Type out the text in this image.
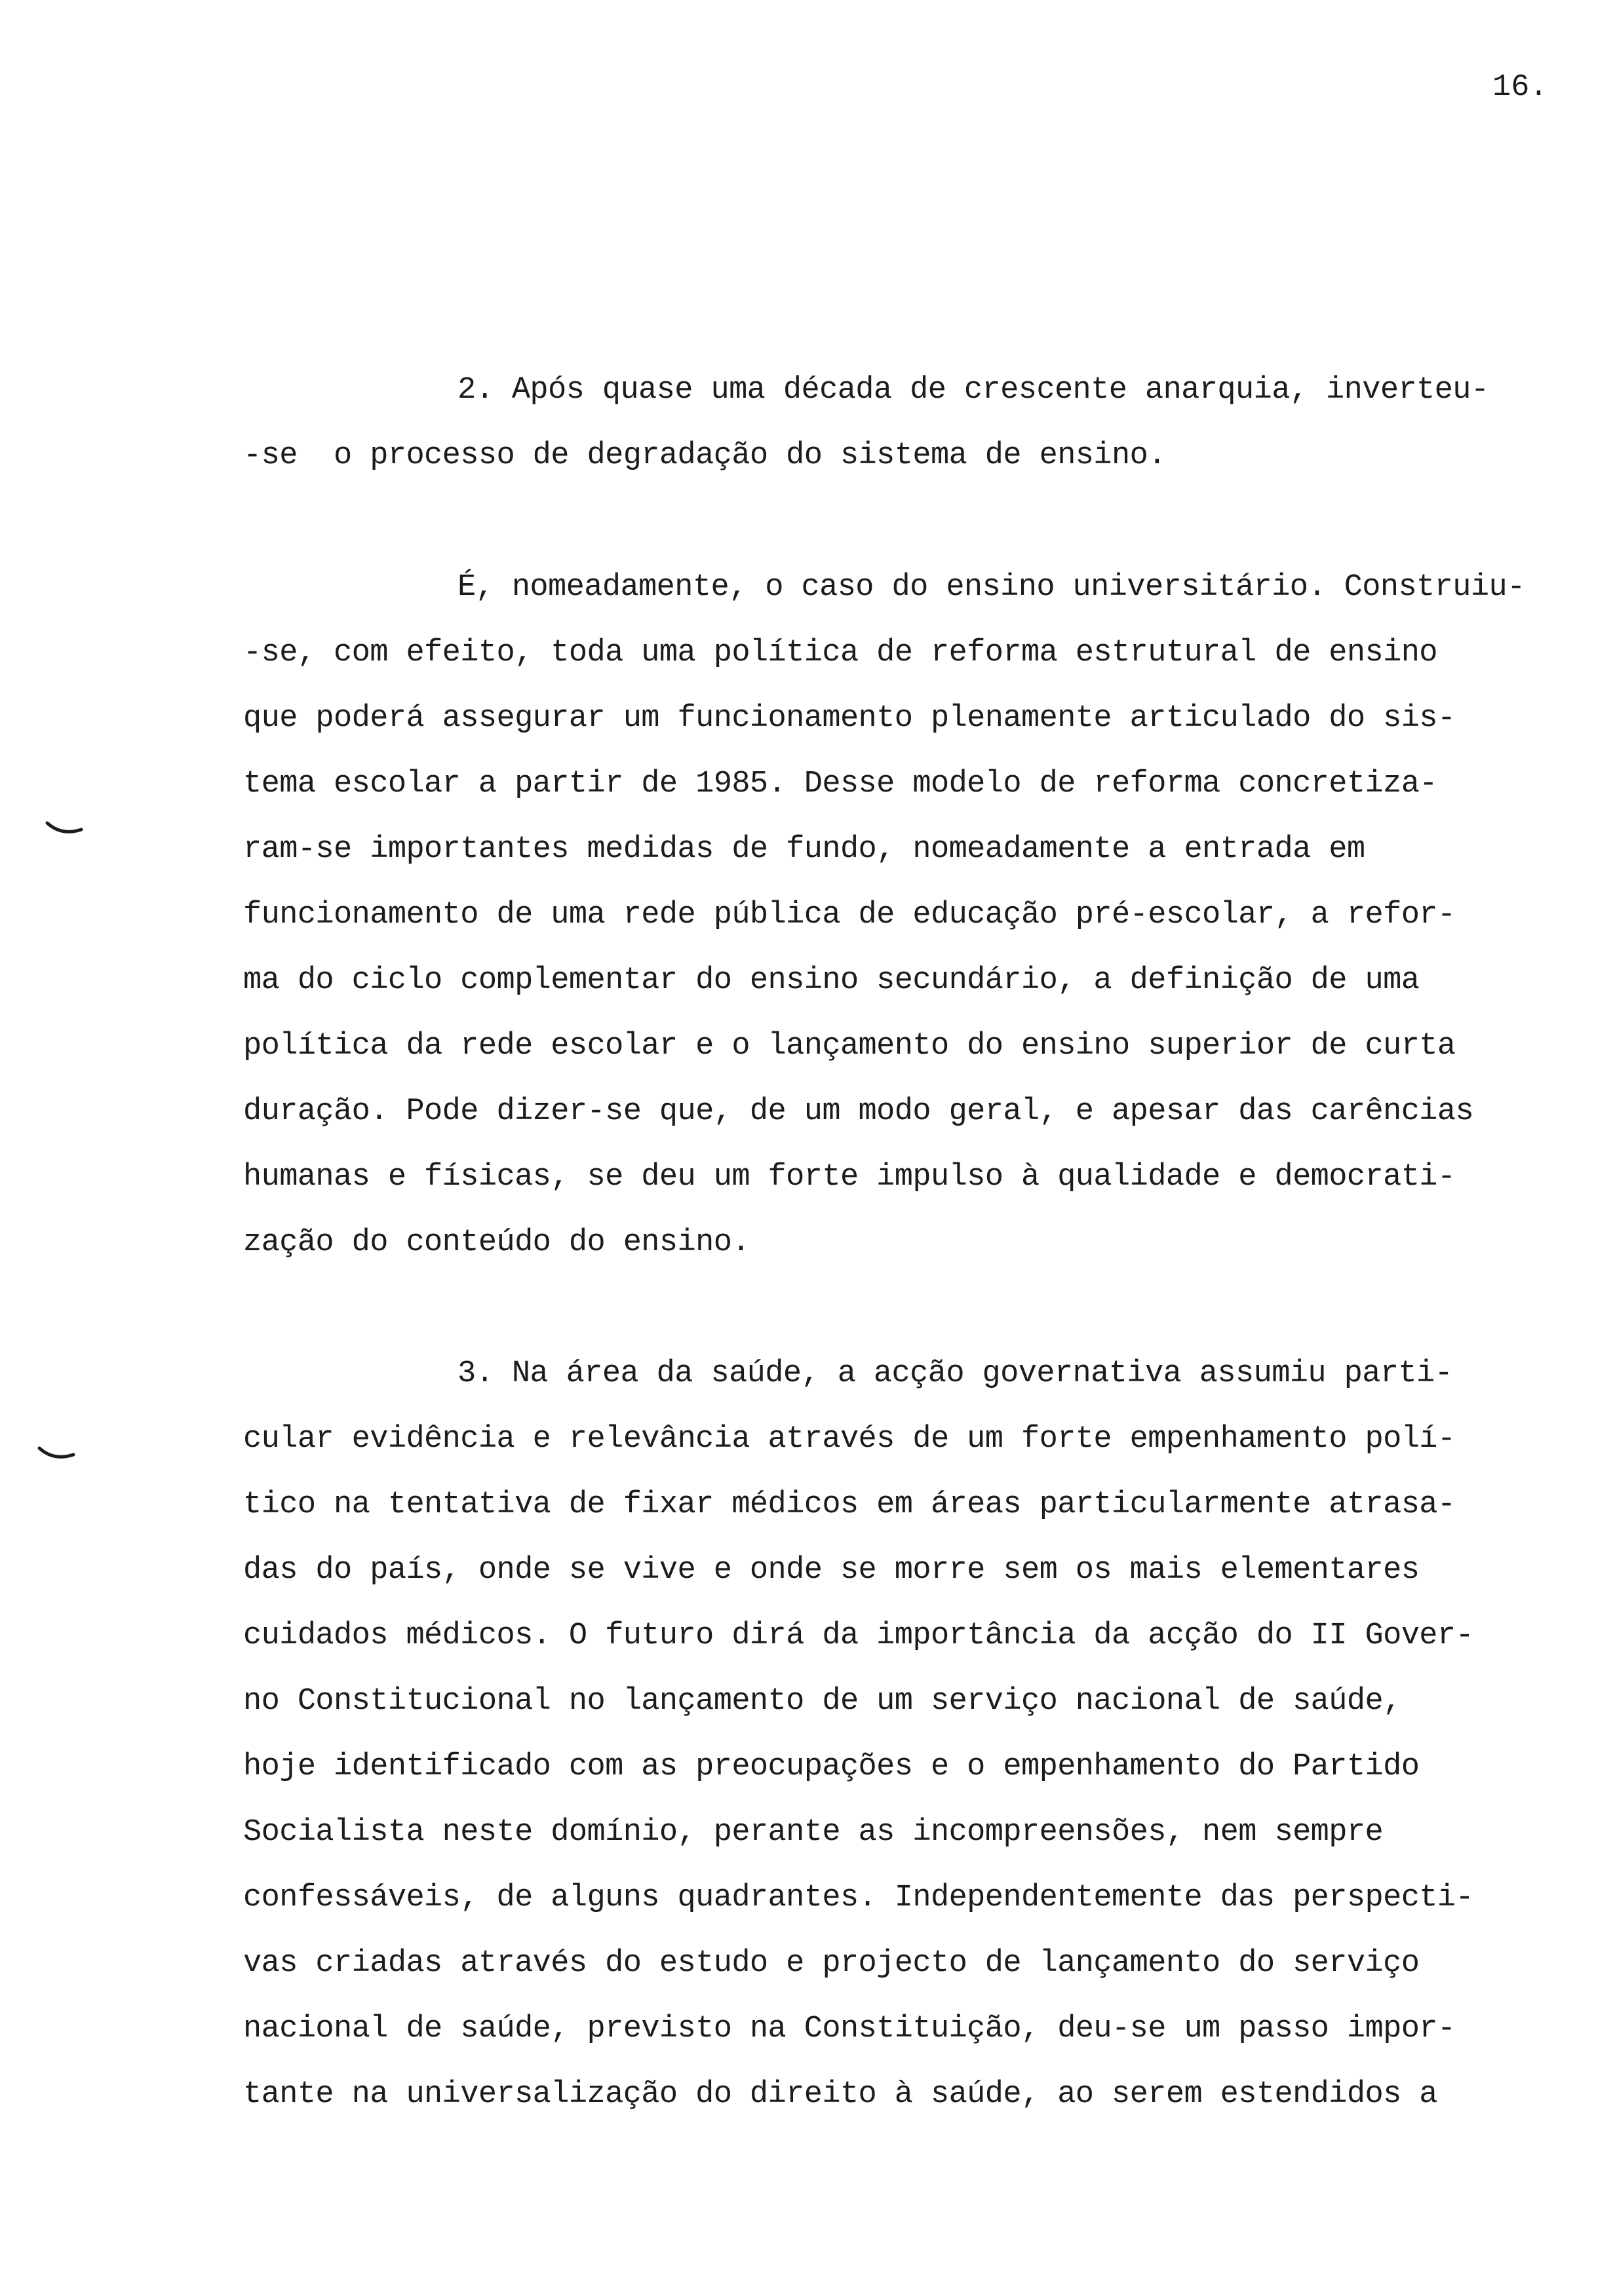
16.
2. Após quase uma década de crescente anarquia, inverteu-
-se  o processo de degradação do sistema de ensino.
É, nomeadamente, o caso do ensino universitário. Construiu-
-se, com efeito, toda uma política de reforma estrutural de ensino
que poderá assegurar um funcionamento plenamente articulado do sis-
tema escolar a partir de 1985. Desse modelo de reforma concretiza-
ram-se importantes medidas de fundo, nomeadamente a entrada em
funcionamento de uma rede pública de educação pré-escolar, a refor-
ma do ciclo complementar do ensino secundário, a definição de uma
política da rede escolar e o lançamento do ensino superior de curta
duração. Pode dizer-se que, de um modo geral, e apesar das carências
humanas e físicas, se deu um forte impulso à qualidade e democrati-
zação do conteúdo do ensino.
3. Na área da saúde, a acção governativa assumiu parti-
cular evidência e relevância através de um forte empenhamento polí-
tico na tentativa de fixar médicos em áreas particularmente atrasa-
das do país, onde se vive e onde se morre sem os mais elementares
cuidados médicos. O futuro dirá da importância da acção do II Gover-
no Constitucional no lançamento de um serviço nacional de saúde,
hoje identificado com as preocupações e o empenhamento do Partido
Socialista neste domínio, perante as incompreensões, nem sempre
confessáveis, de alguns quadrantes. Independentemente das perspecti-
vas criadas através do estudo e projecto de lançamento do serviço
nacional de saúde, previsto na Constituição, deu-se um passo impor-
tante na universalização do direito à saúde, ao serem estendidos a
